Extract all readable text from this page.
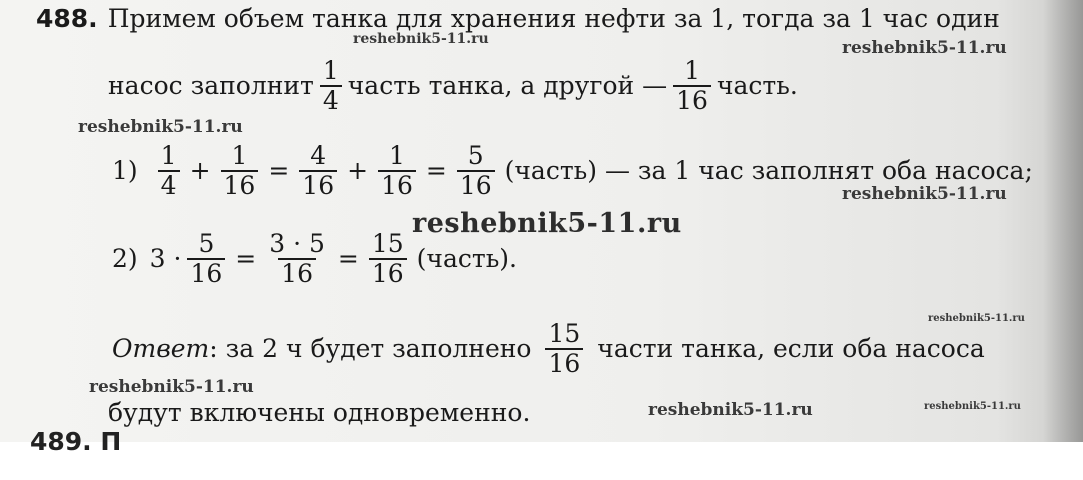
488. Примем объем танка для хранения нефти за 1, тогда за 1 час один
насос заполнит $\frac{1}{4}$ часть танка, а другой — $\frac{1}{16}$ часть.
$1) \frac{1}{4} + \frac{1}{16} = \frac{4}{16} + \frac{1}{16} = \frac{5}{16}$ (часть) — за 1 час заполнят оба насоса;
2) $3 \cdot \frac{5}{16} = \frac{3 \cdot 5}{16} = \frac{15}{16}$ (часть).
Ответ : за 2 ч будет заполнено $\frac{15}{16}$ части танка, если оба насоса
будут включены одновременно.
489. П
reshebnik5-11.ru	reshebnik5-11.ru
reshebnik5-11.ru
reshebnik5-11.ru
reshebnik5-11.ru
reshebnik5-11.ru
reshebnik5-11.ru
reshebnik5-11.ru	reshebnik5-11.ru
